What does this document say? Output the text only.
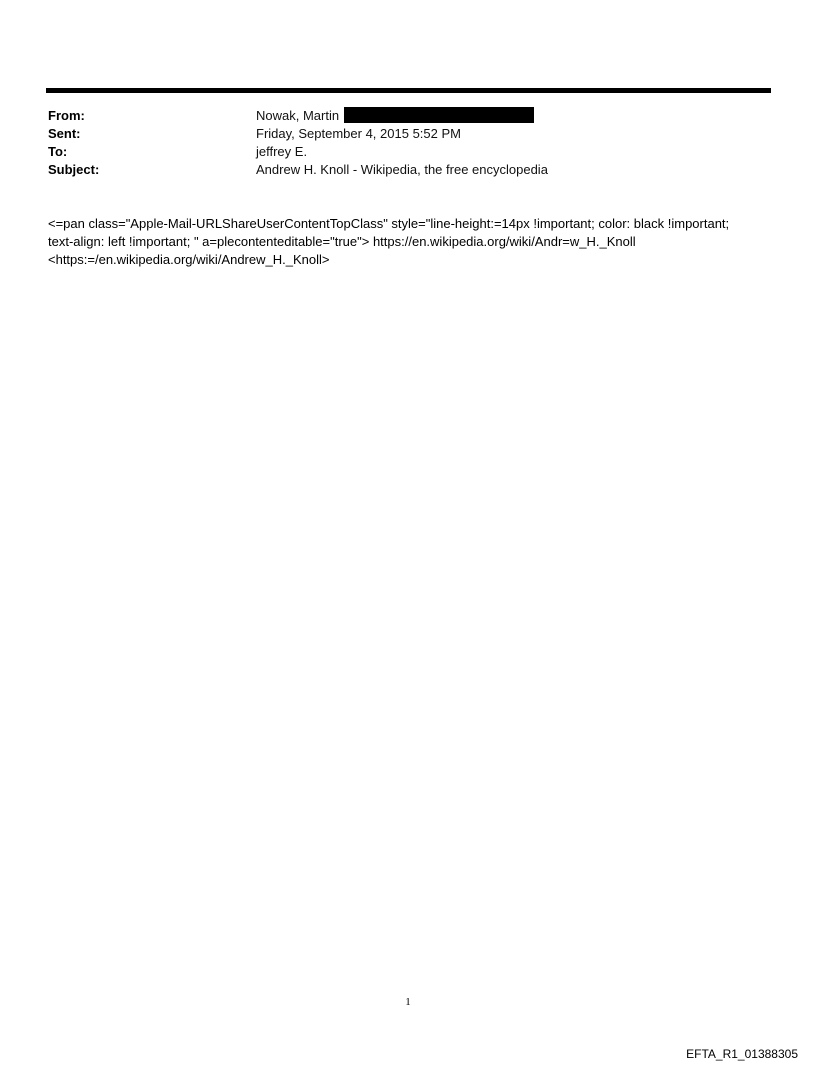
From:	Nowak, Martin
Sent:	Friday, September 4, 2015 5:52 PM
To:	jeffrey E.
Subject:	Andrew H. Knoll - Wikipedia, the free encyclopedia
<=pan class="Apple-Mail-URLShareUserContentTopClass" style="line-height:=14px !important; color: black !important;
text-align: left !important; " a=plecontenteditable="true"> https://en.wikipedia.org/wiki/Andr=w_H._Knoll
<https:=/en.wikipedia.org/wiki/Andrew_H._Knoll>
1
EFTA_R1_01388305
